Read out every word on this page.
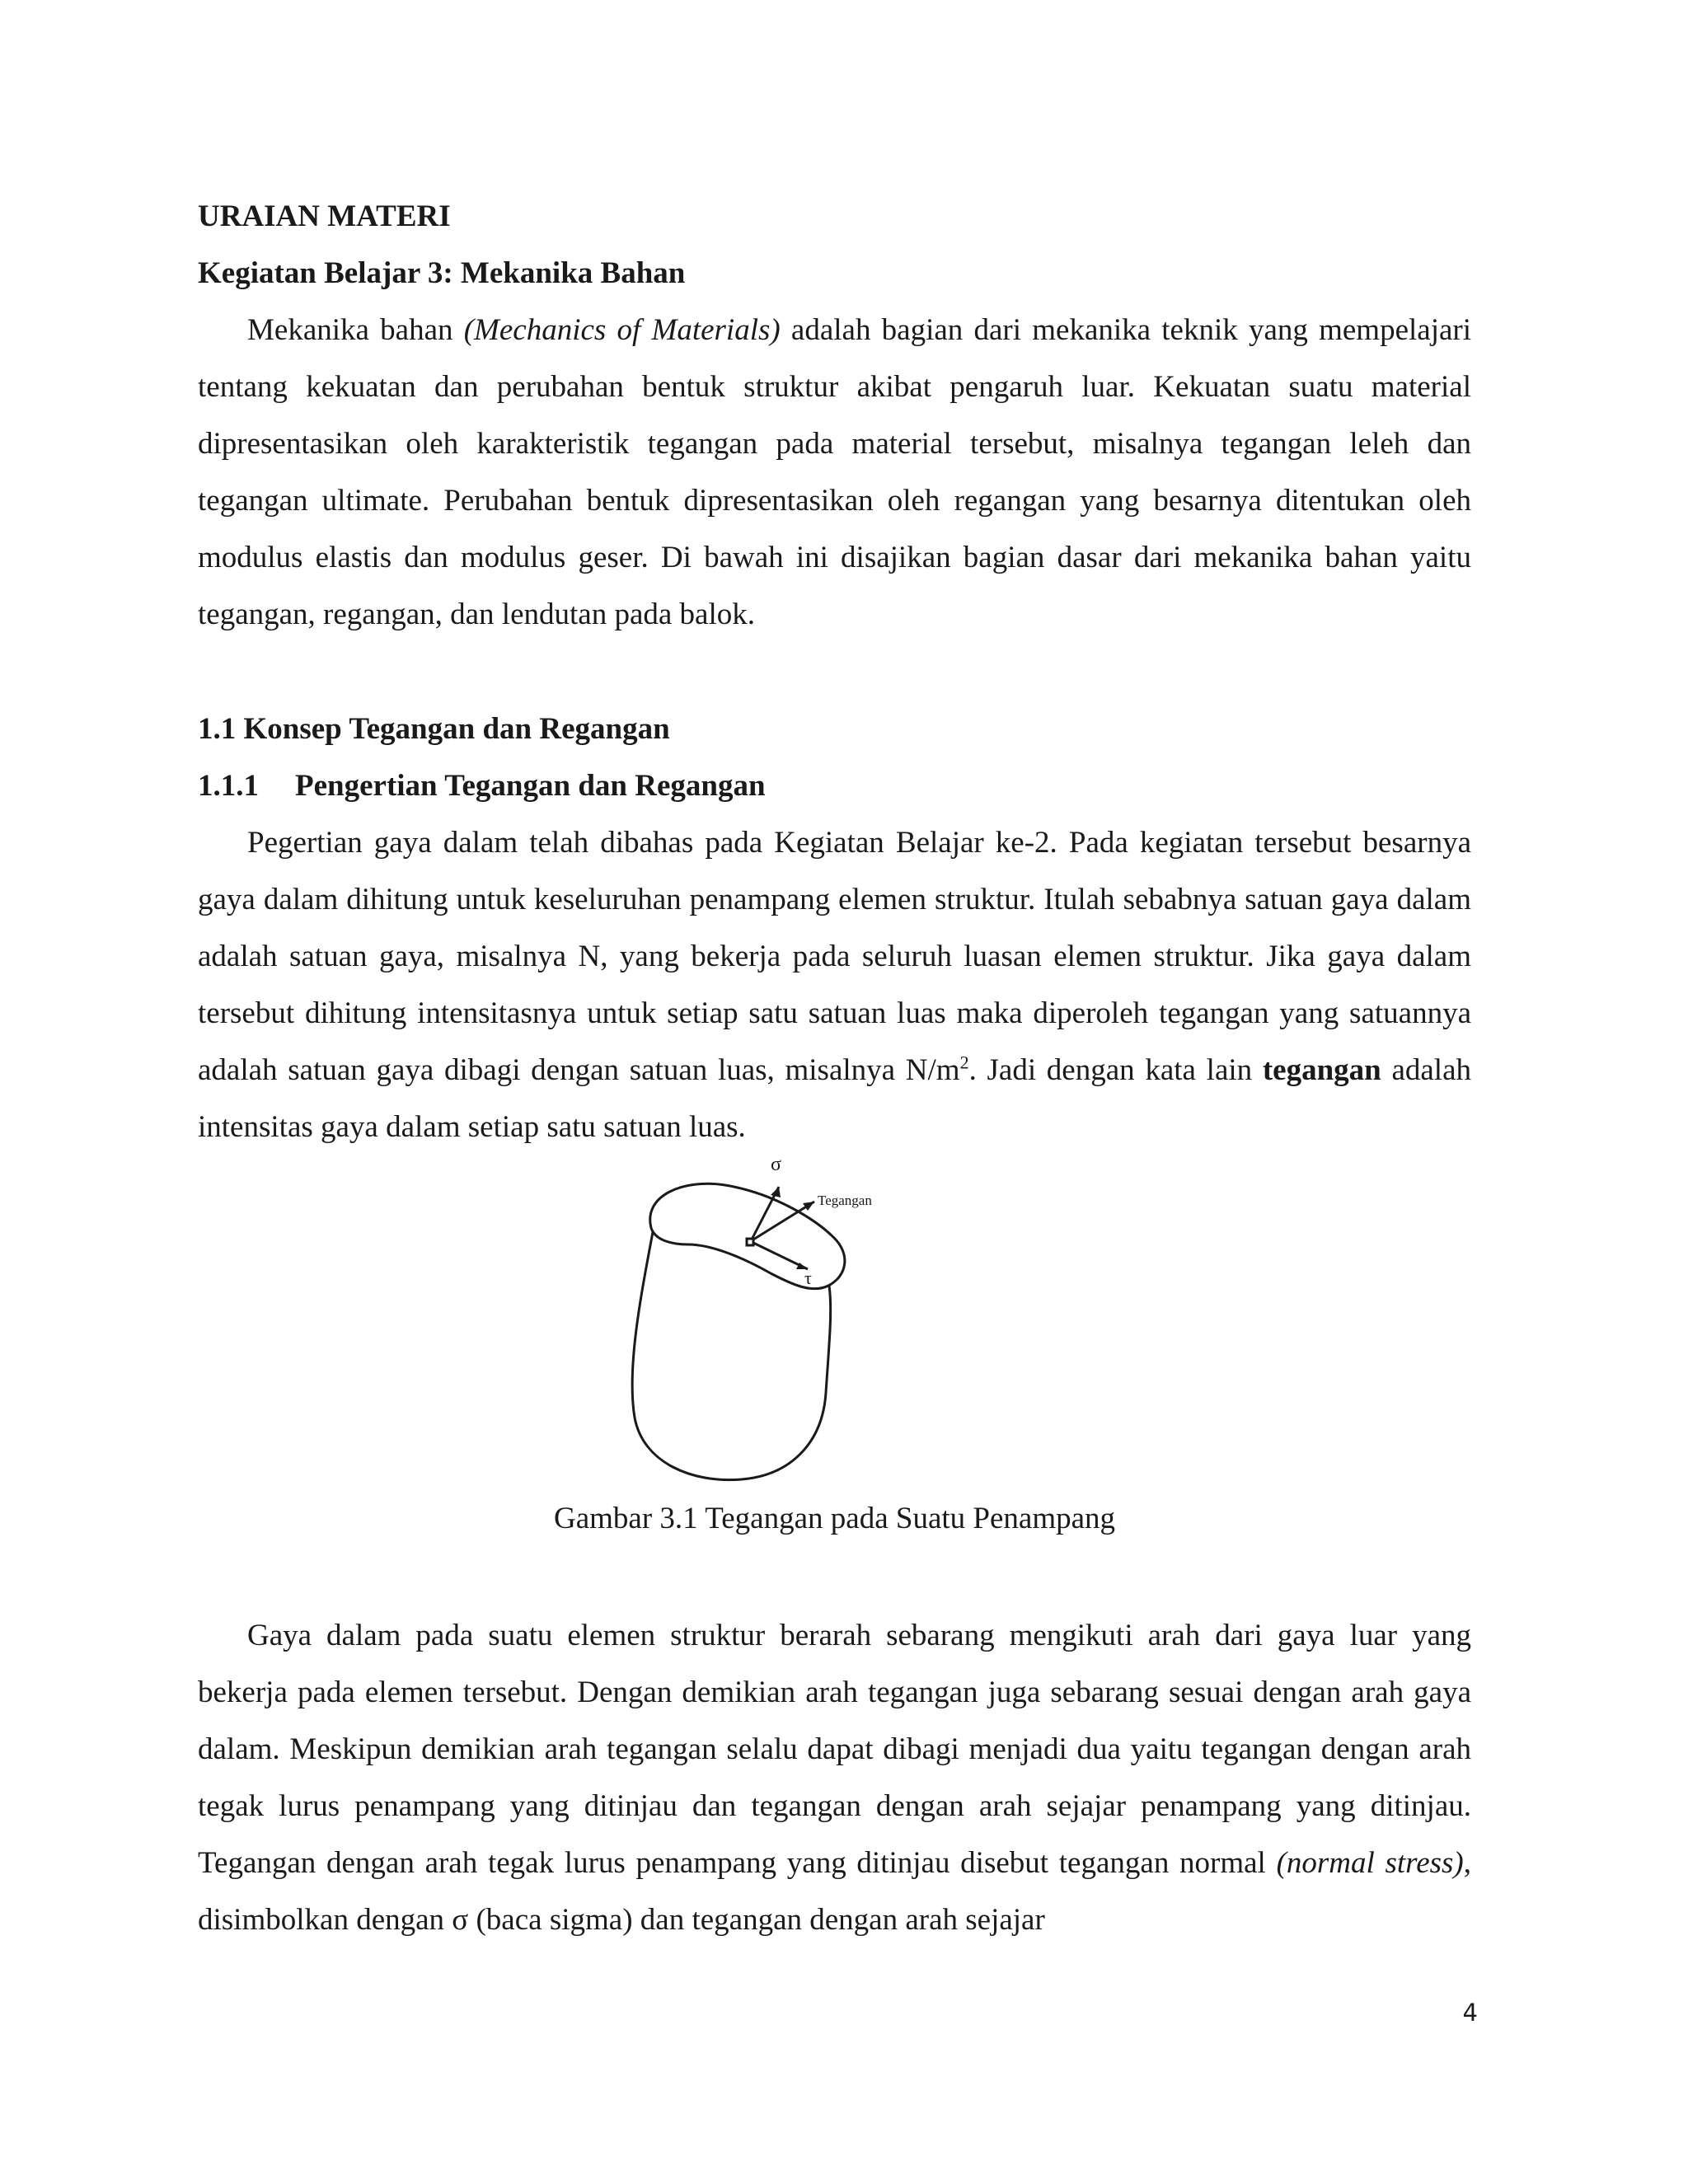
URAIAN MATERI

Kegiatan Belajar 3: Mekanika Bahan

Mekanika bahan (Mechanics of Materials) adalah bagian dari mekanika teknik yang mempelajari tentang kekuatan dan perubahan bentuk struktur akibat pengaruh luar. Kekuatan suatu material dipresentasikan oleh karakteristik tegangan pada material tersebut, misalnya tegangan leleh dan tegangan ultimate. Perubahan bentuk dipresentasikan oleh regangan yang besarnya ditentukan oleh modulus elastis dan modulus geser. Di bawah ini disajikan bagian dasar dari mekanika bahan yaitu tegangan, regangan, dan lendutan pada balok.

1.1 Konsep Tegangan dan Regangan

1.1.1 Pengertian Tegangan dan Regangan

Pegertian gaya dalam telah dibahas pada Kegiatan Belajar ke-2. Pada kegiatan tersebut besarnya gaya dalam dihitung untuk keseluruhan penampang elemen struktur. Itulah sebabnya satuan gaya dalam adalah satuan gaya, misalnya N, yang bekerja pada seluruh luasan elemen struktur. Jika gaya dalam tersebut dihitung intensitasnya untuk setiap satu satuan luas maka diperoleh tegangan yang satuannya adalah satuan gaya dibagi dengan satuan luas, misalnya $N/m^2$. Jadi dengan kata lain tegangan adalah intensitas gaya dalam setiap satu satuan luas.

σ
Tegangan
τ
Gambar 3.1 Tegangan pada Suatu Penampang

Gaya dalam pada suatu elemen struktur berarah sebarang mengikuti arah dari gaya luar yang bekerja pada elemen tersebut. Dengan demikian arah tegangan juga sebarang sesuai dengan arah gaya dalam. Meskipun demikian arah tegangan selalu dapat dibagi menjadi dua yaitu tegangan dengan arah tegak lurus penampang yang ditinjau dan tegangan dengan arah sejajar penampang yang ditinjau. Tegangan dengan arah tegak lurus penampang yang ditinjau disebut tegangan normal (normal stress), disimbolkan dengan σ (baca sigma) dan tegangan dengan arah sejajar

4
